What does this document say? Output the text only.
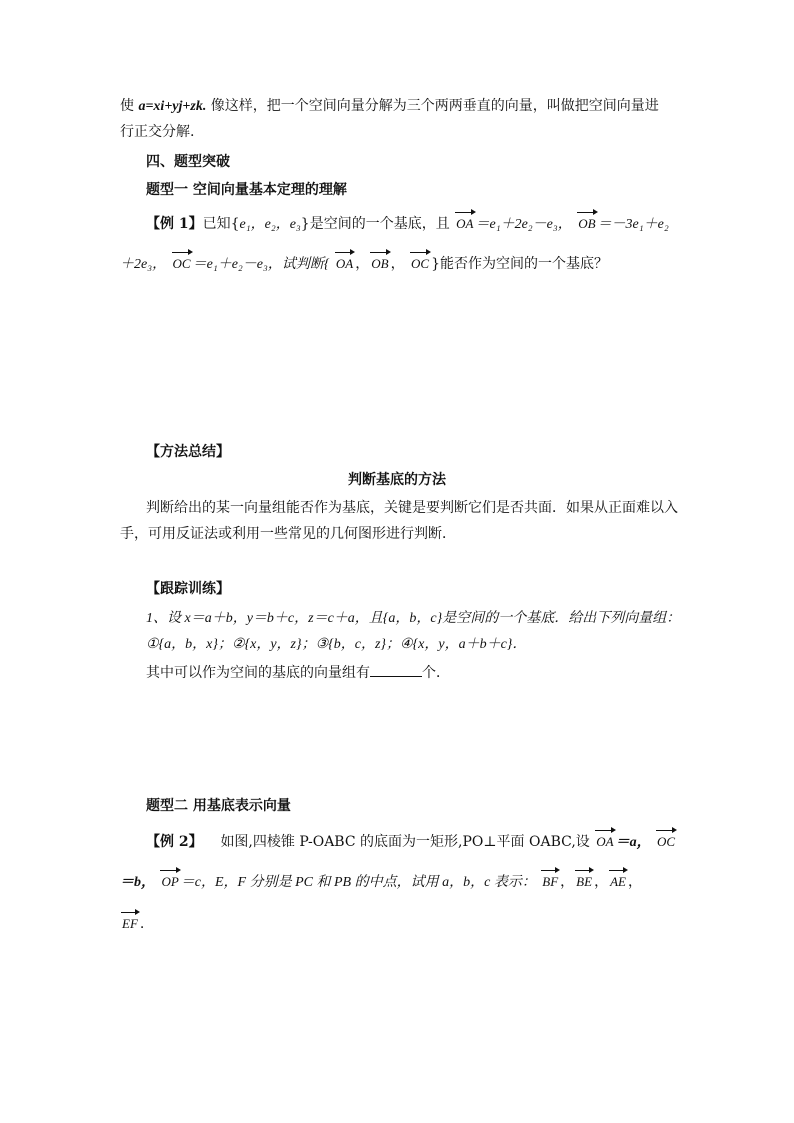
使 a=xi+yj+zk. 像这样，把一个空间向量分解为三个两两垂直的向量，叫做把空间向量进
行正交分解.
四、题型突破
题型一 空间向量基本定理的理解
【例 1】已知{e₁，e₂，e₃}是空间的一个基底，且 OA ＝e₁＋2e₂－e₃， OB ＝－3e₁＋e₂
＋2e₃， OC ＝e₁＋e₂－e₃，试判断{ OA ， OB ， OC }能否作为空间的一个基底？
【方法总结】
判断基底的方法
判断给出的某一向量组能否作为基底，关键是要判断它们是否共面．如果从正面难以入手，可用反证法或利用一些常见的几何图形进行判断．
【跟踪训练】
1、设 x＝a＋b，y＝b＋c，z＝c＋a，且{a，b，c}是空间的一个基底．给出下列向量组：
①{a，b，x}；②{x，y，z}；③{b，c，z}；④{x，y，a＋b＋c}．
其中可以作为空间的基底的向量组有	个．
题型二 用基底表示向量
【例 2】 如图,四棱锥 P-OABC 的底面为一矩形,PO⊥平面 OABC,设 OA ＝a， OC
＝b， OP ＝c，E，F 分别是 PC 和 PB 的中点，试用 a，b，c 表示： BF ， BE ， AE ，
EF .
